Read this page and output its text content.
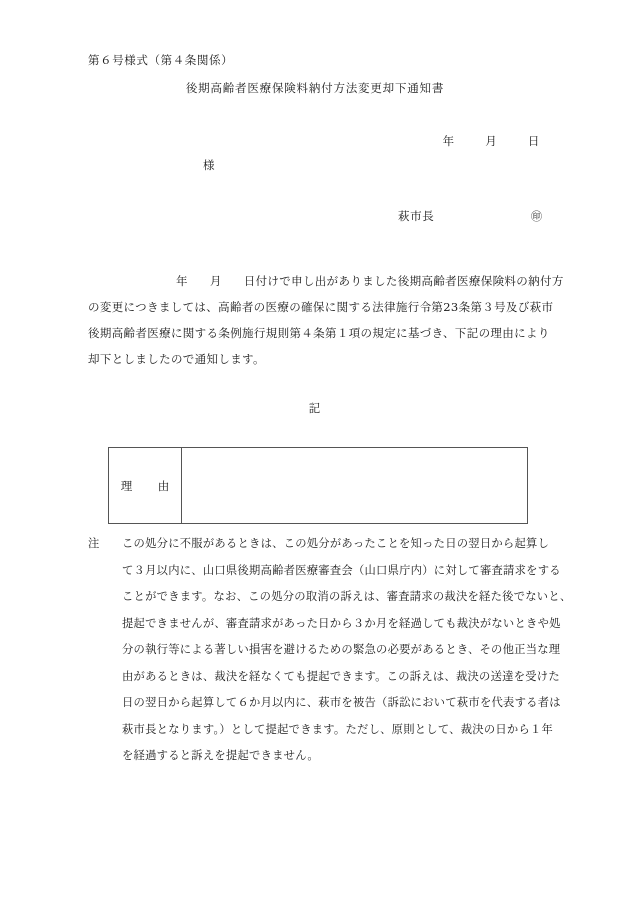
第６号様式（第４条関係）
後期高齢者医療保険料納付方法変更却下通知書
年	月	日
様
萩市長	㊞
年 月 日付けで申し出がありました後期高齢者医療保険料の納付方
の変更につきましては、高齢者の医療の確保に関する法律施行令第23条第３号及び萩市
後期高齢者医療に関する条例施行規則第４条第１項の規定に基づき、下記の理由により
却下としましたので通知します。
記
理　由	
注 この処分に不服があるときは、この処分があったことを知った日の翌日から起算し
て３月以内に、山口県後期高齢者医療審査会（山口県庁内）に対して審査請求をする
ことができます。なお、この処分の取消の訴えは、審査請求の裁決を経た後でないと、
提起できませんが、審査請求があった日から３か月を経過しても裁決がないときや処
分の執行等による著しい損害を避けるための緊急の必要があるとき、その他正当な理
由があるときは、裁決を経なくても提起できます。この訴えは、裁決の送達を受けた
日の翌日から起算して６か月以内に、萩市を被告（訴訟において萩市を代表する者は
萩市長となります。）として提起できます。ただし、原則として、裁決の日から１年
を経過すると訴えを提起できません。
